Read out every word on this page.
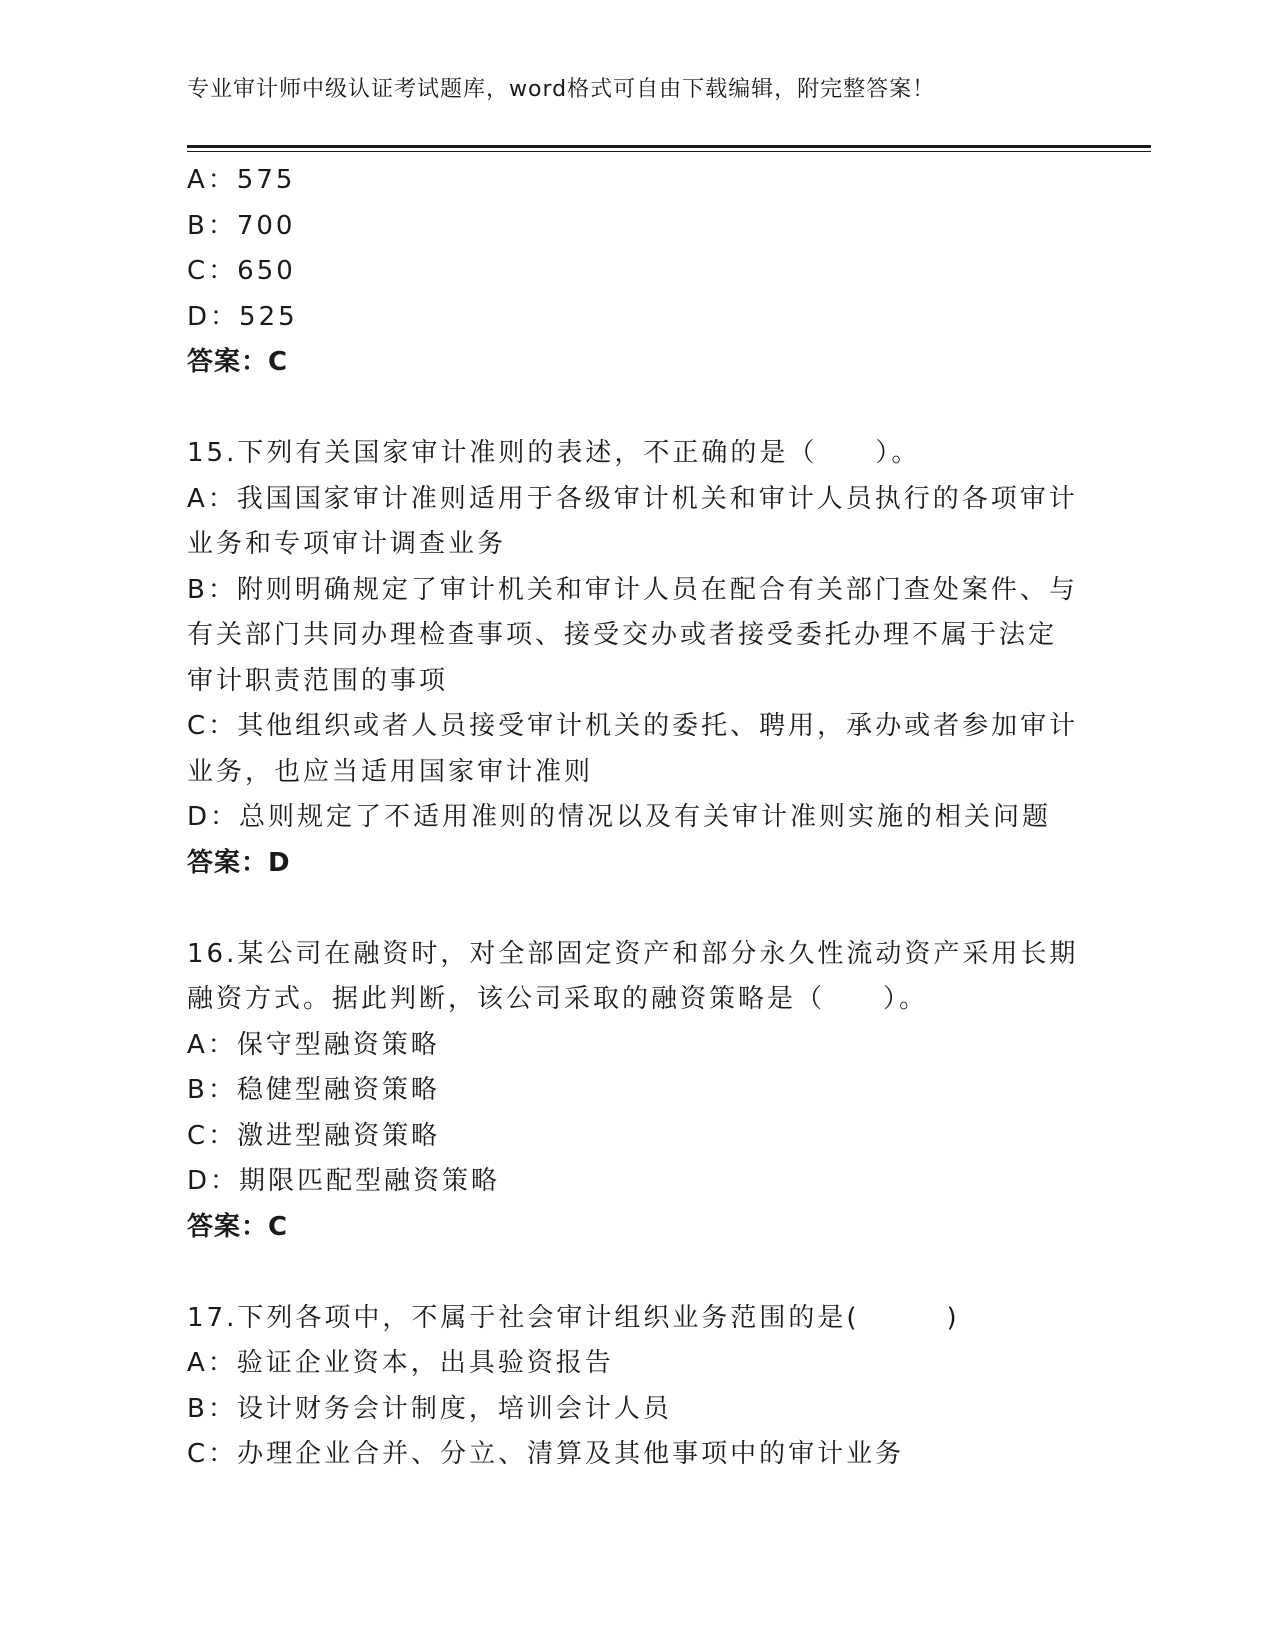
专业审计师中级认证考试题库，word格式可自由下载编辑，附完整答案！
A：575
B：700
C：650
D：525
答案：C
15.下列有关国家审计准则的表述，不正确的是（　　）。
A：我国国家审计准则适用于各级审计机关和审计人员执行的各项审计
业务和专项审计调查业务
B：附则明确规定了审计机关和审计人员在配合有关部门查处案件、与
有关部门共同办理检查事项、接受交办或者接受委托办理不属于法定
审计职责范围的事项
C：其他组织或者人员接受审计机关的委托、聘用，承办或者参加审计
业务，也应当适用国家审计准则
D：总则规定了不适用准则的情况以及有关审计准则实施的相关问题
答案：D
16.某公司在融资时，对全部固定资产和部分永久性流动资产采用长期
融资方式。据此判断，该公司采取的融资策略是（　　）。
A：保守型融资策略
B：稳健型融资策略
C：激进型融资策略
D：期限匹配型融资策略
答案：C
17.下列各项中，不属于社会审计组织业务范围的是(　　　)
A：验证企业资本，出具验资报告
B：设计财务会计制度，培训会计人员
C：办理企业合并、分立、清算及其他事项中的审计业务
